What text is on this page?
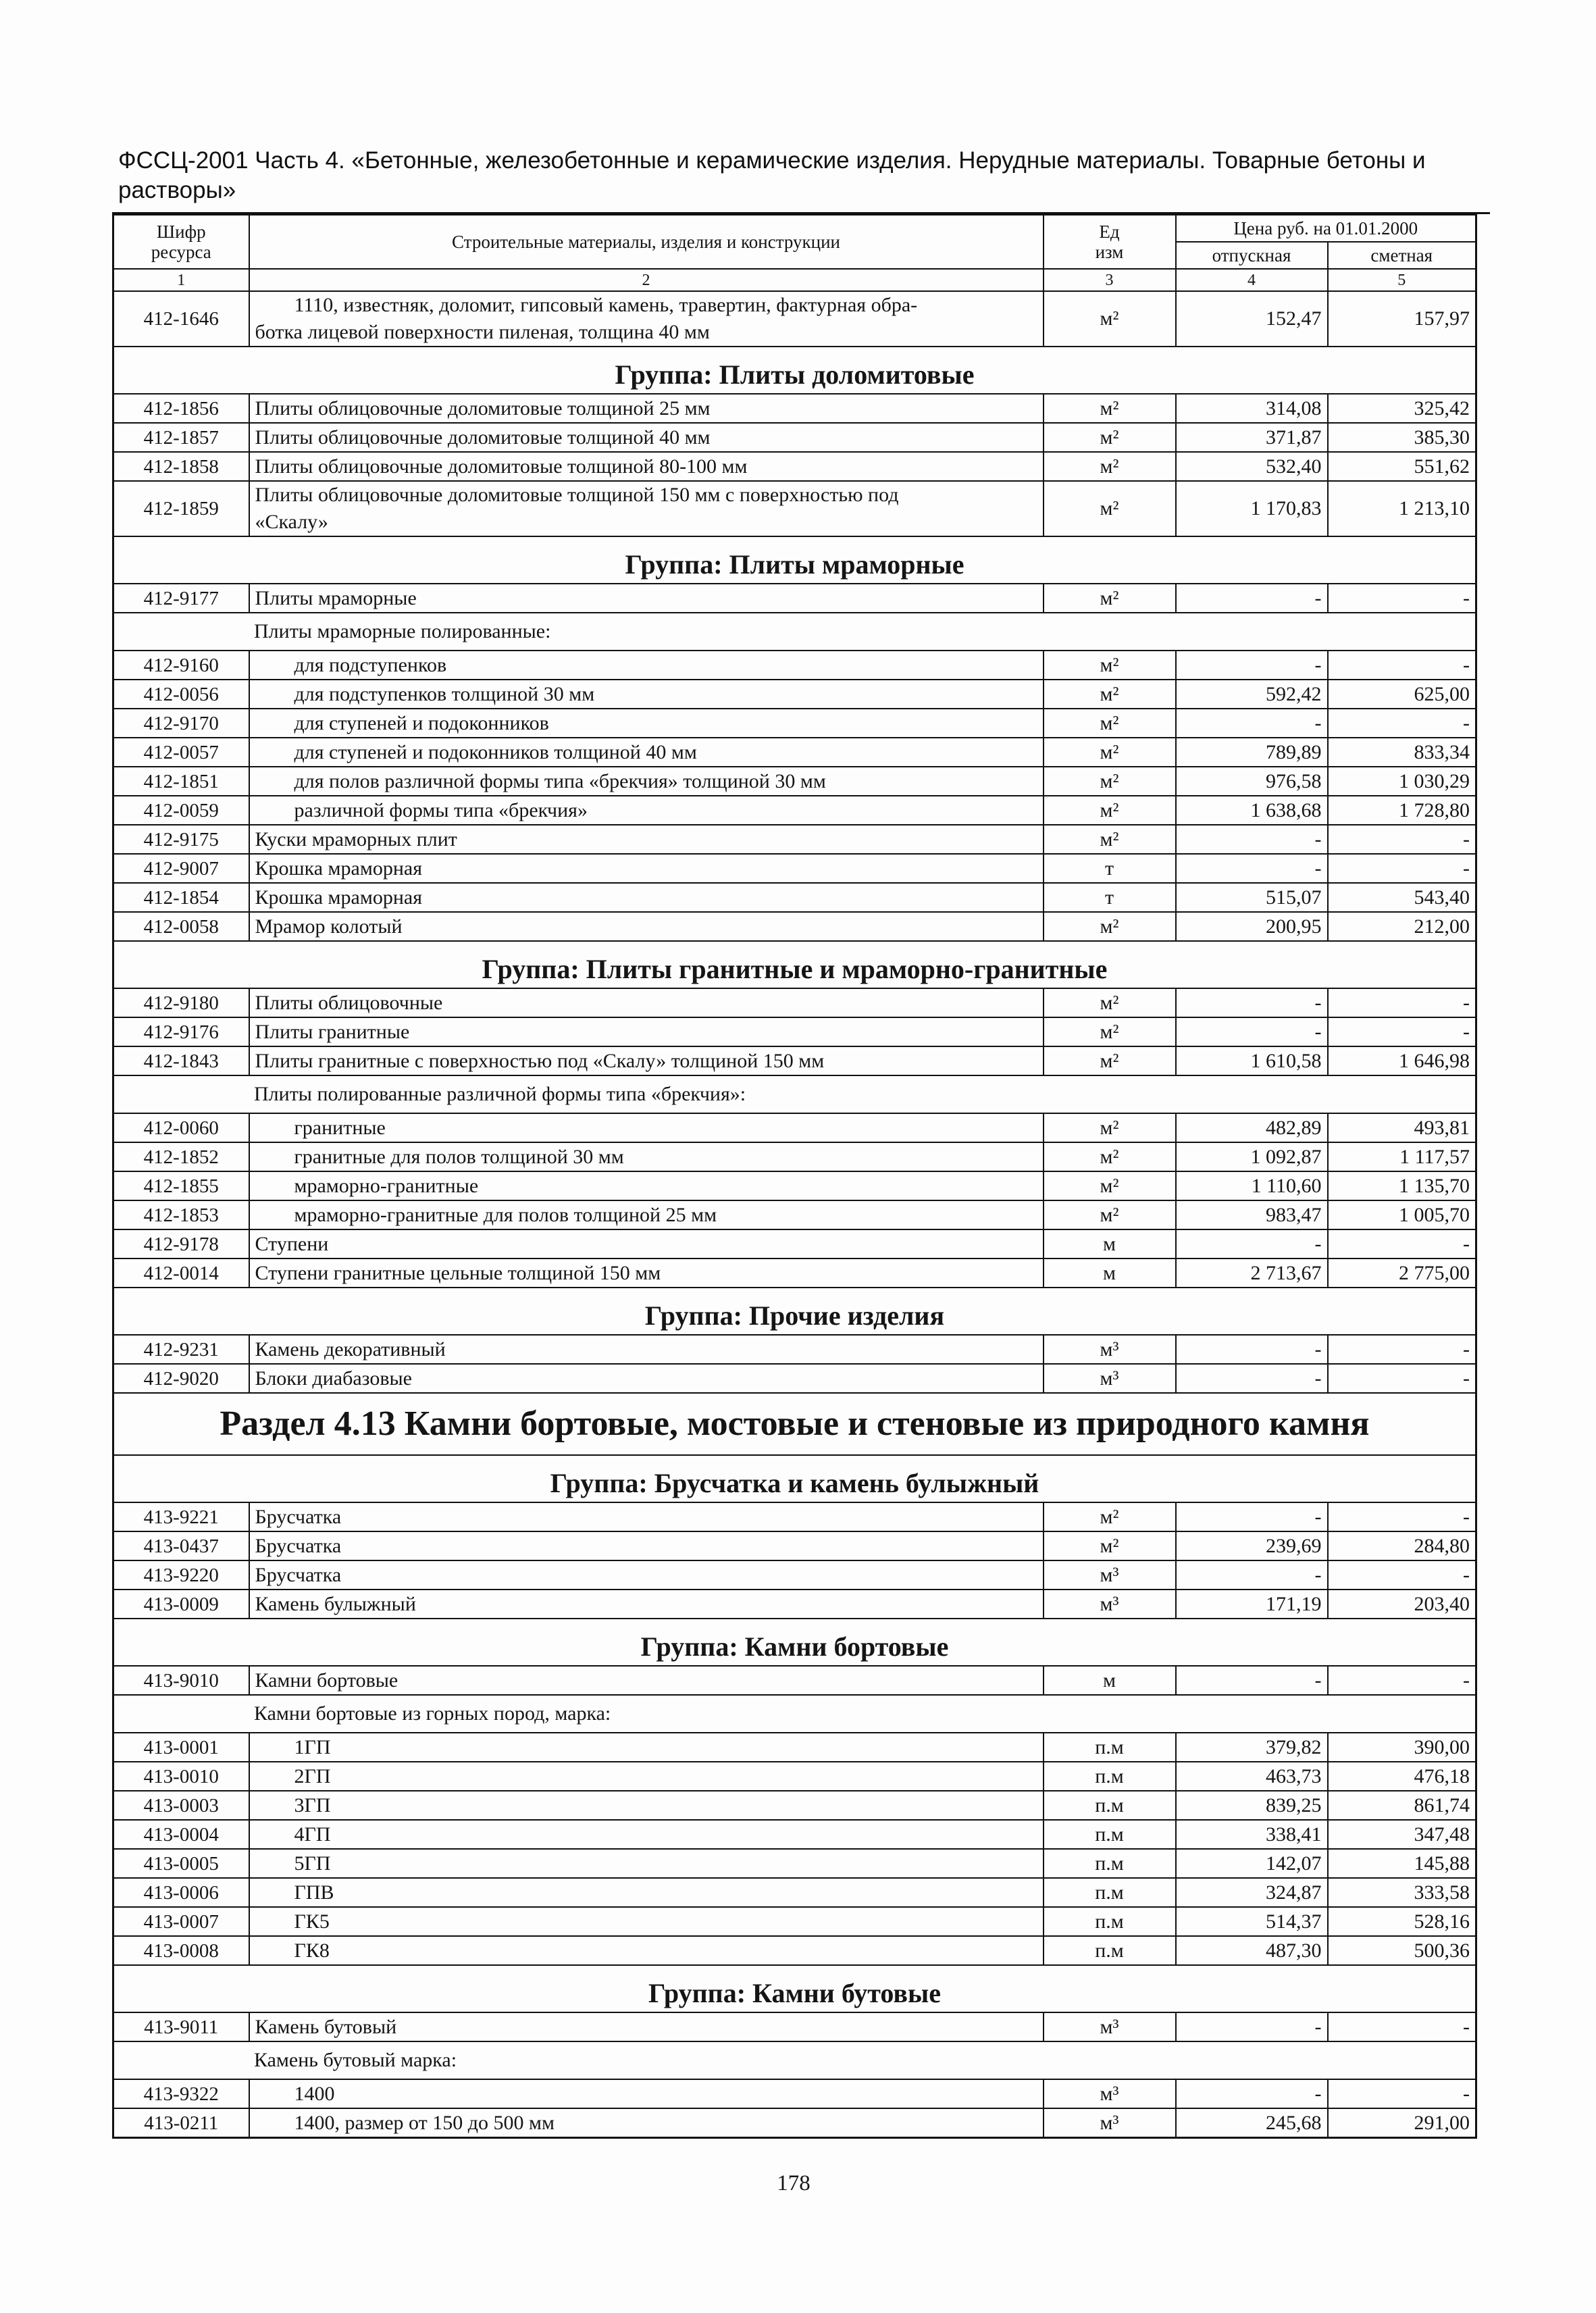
ФССЦ-2001 Часть 4. «Бетонные, железобетонные и керамические изделия. Нерудные материалы. Товарные бетоны и растворы»
Шифр
ресурса	Строительные материалы, изделия и конструкции	Ед
изм	Цена руб. на 01.01.2000	
			отпускная	сметная
1	2	3	4	5
412-1646	1110, известняк, доломит, гипсовый камень, травертин, фактурная обра-
ботка лицевой поверхности пиленая, толщина 40 мм	м²	152,47	157,97
Группа: Плиты доломитовые				
412-1856	Плиты облицовочные доломитовые толщиной 25 мм	м²	314,08	325,42
412-1857	Плиты облицовочные доломитовые толщиной 40 мм	м²	371,87	385,30
412-1858	Плиты облицовочные доломитовые толщиной 80-100 мм	м²	532,40	551,62
412-1859	Плиты облицовочные доломитовые толщиной 150 мм с поверхностью под
«Скалу»	м²	1 170,83	1 213,10
Группа: Плиты мраморные				
412-9177	Плиты мраморные	м²	-	-
Плиты мраморные полированные:				
412-9160	для подступенков	м²	-	-
412-0056	для подступенков толщиной 30 мм	м²	592,42	625,00
412-9170	для ступеней и подоконников	м²	-	-
412-0057	для ступеней и подоконников толщиной 40 мм	м²	789,89	833,34
412-1851	для полов различной формы типа «брекчия» толщиной 30 мм	м²	976,58	1 030,29
412-0059	различной формы типа «брекчия»	м²	1 638,68	1 728,80
412-9175	Куски мраморных плит	м²	-	-
412-9007	Крошка мраморная	т	-	-
412-1854	Крошка мраморная	т	515,07	543,40
412-0058	Мрамор колотый	м²	200,95	212,00
Группа: Плиты гранитные и мраморно-гранитные				
412-9180	Плиты облицовочные	м²	-	-
412-9176	Плиты гранитные	м²	-	-
412-1843	Плиты гранитные с поверхностью под «Скалу» толщиной 150 мм	м²	1 610,58	1 646,98
Плиты полированные различной формы типа «брекчия»:				
412-0060	гранитные	м²	482,89	493,81
412-1852	гранитные для полов толщиной 30 мм	м²	1 092,87	1 117,57
412-1855	мраморно-гранитные	м²	1 110,60	1 135,70
412-1853	мраморно-гранитные для полов толщиной 25 мм	м²	983,47	1 005,70
412-9178	Ступени	м	-	-
412-0014	Ступени гранитные цельные толщиной 150 мм	м	2 713,67	2 775,00
Группа: Прочие изделия				
412-9231	Камень декоративный	м³	-	-
412-9020	Блоки диабазовые	м³	-	-
Раздел 4.13 Камни бортовые, мостовые и стеновые из природного камня				
Группа: Брусчатка и камень булыжный				
413-9221	Брусчатка	м²	-	-
413-0437	Брусчатка	м²	239,69	284,80
413-9220	Брусчатка	м³	-	-
413-0009	Камень булыжный	м³	171,19	203,40
Группа: Камни бортовые				
413-9010	Камни бортовые	м	-	-
Камни бортовые из горных пород, марка:				
413-0001	1ГП	п.м	379,82	390,00
413-0010	2ГП	п.м	463,73	476,18
413-0003	3ГП	п.м	839,25	861,74
413-0004	4ГП	п.м	338,41	347,48
413-0005	5ГП	п.м	142,07	145,88
413-0006	ГПВ	п.м	324,87	333,58
413-0007	ГК5	п.м	514,37	528,16
413-0008	ГК8	п.м	487,30	500,36
Группа: Камни бутовые				
413-9011	Камень бутовый	м³	-	-
Камень бутовый марка:				
413-9322	1400	м³	-	-
413-0211	1400, размер от 150 до 500 мм	м³	245,68	291,00
178
